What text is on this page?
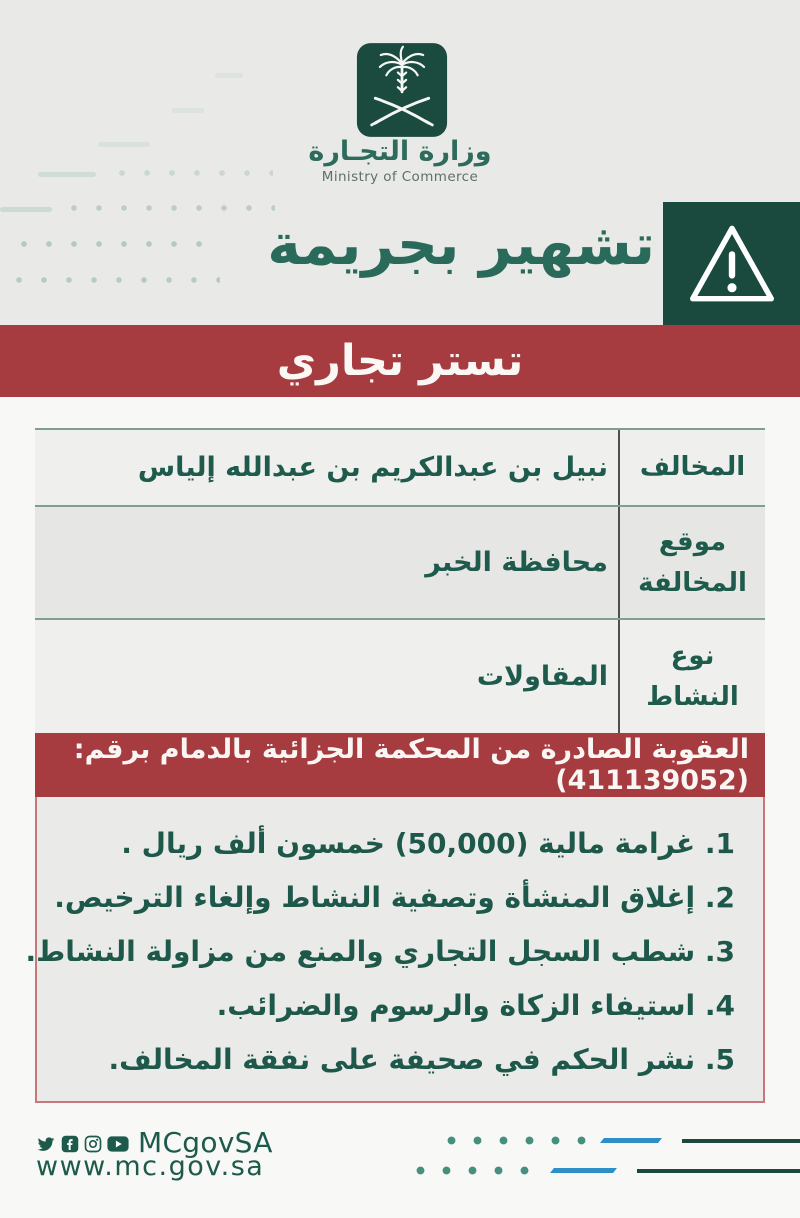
وزارة التجـارة
Ministry of Commerce
تشهير بجريمة
تستر تجاري
المخالف
نبيل بن عبدالكريم بن عبدالله إلياس
موقع المخالفة
محافظة الخبر
نوع النشاط
المقاولات
العقوبة الصادرة من المحكمة الجزائية بالدمام برقم:(411139052)
1. غرامة مالية (50,000) خمسون ألف ريال .
2. إغلاق المنشأة وتصفية النشاط وإلغاء الترخيص.
3. شطب السجل التجاري والمنع من مزاولة النشاط.
4. استيفاء الزكاة والرسوم والضرائب.
5. نشر الحكم في صحيفة على نفقة المخالف.
MCgovSA
www.mc.gov.sa
